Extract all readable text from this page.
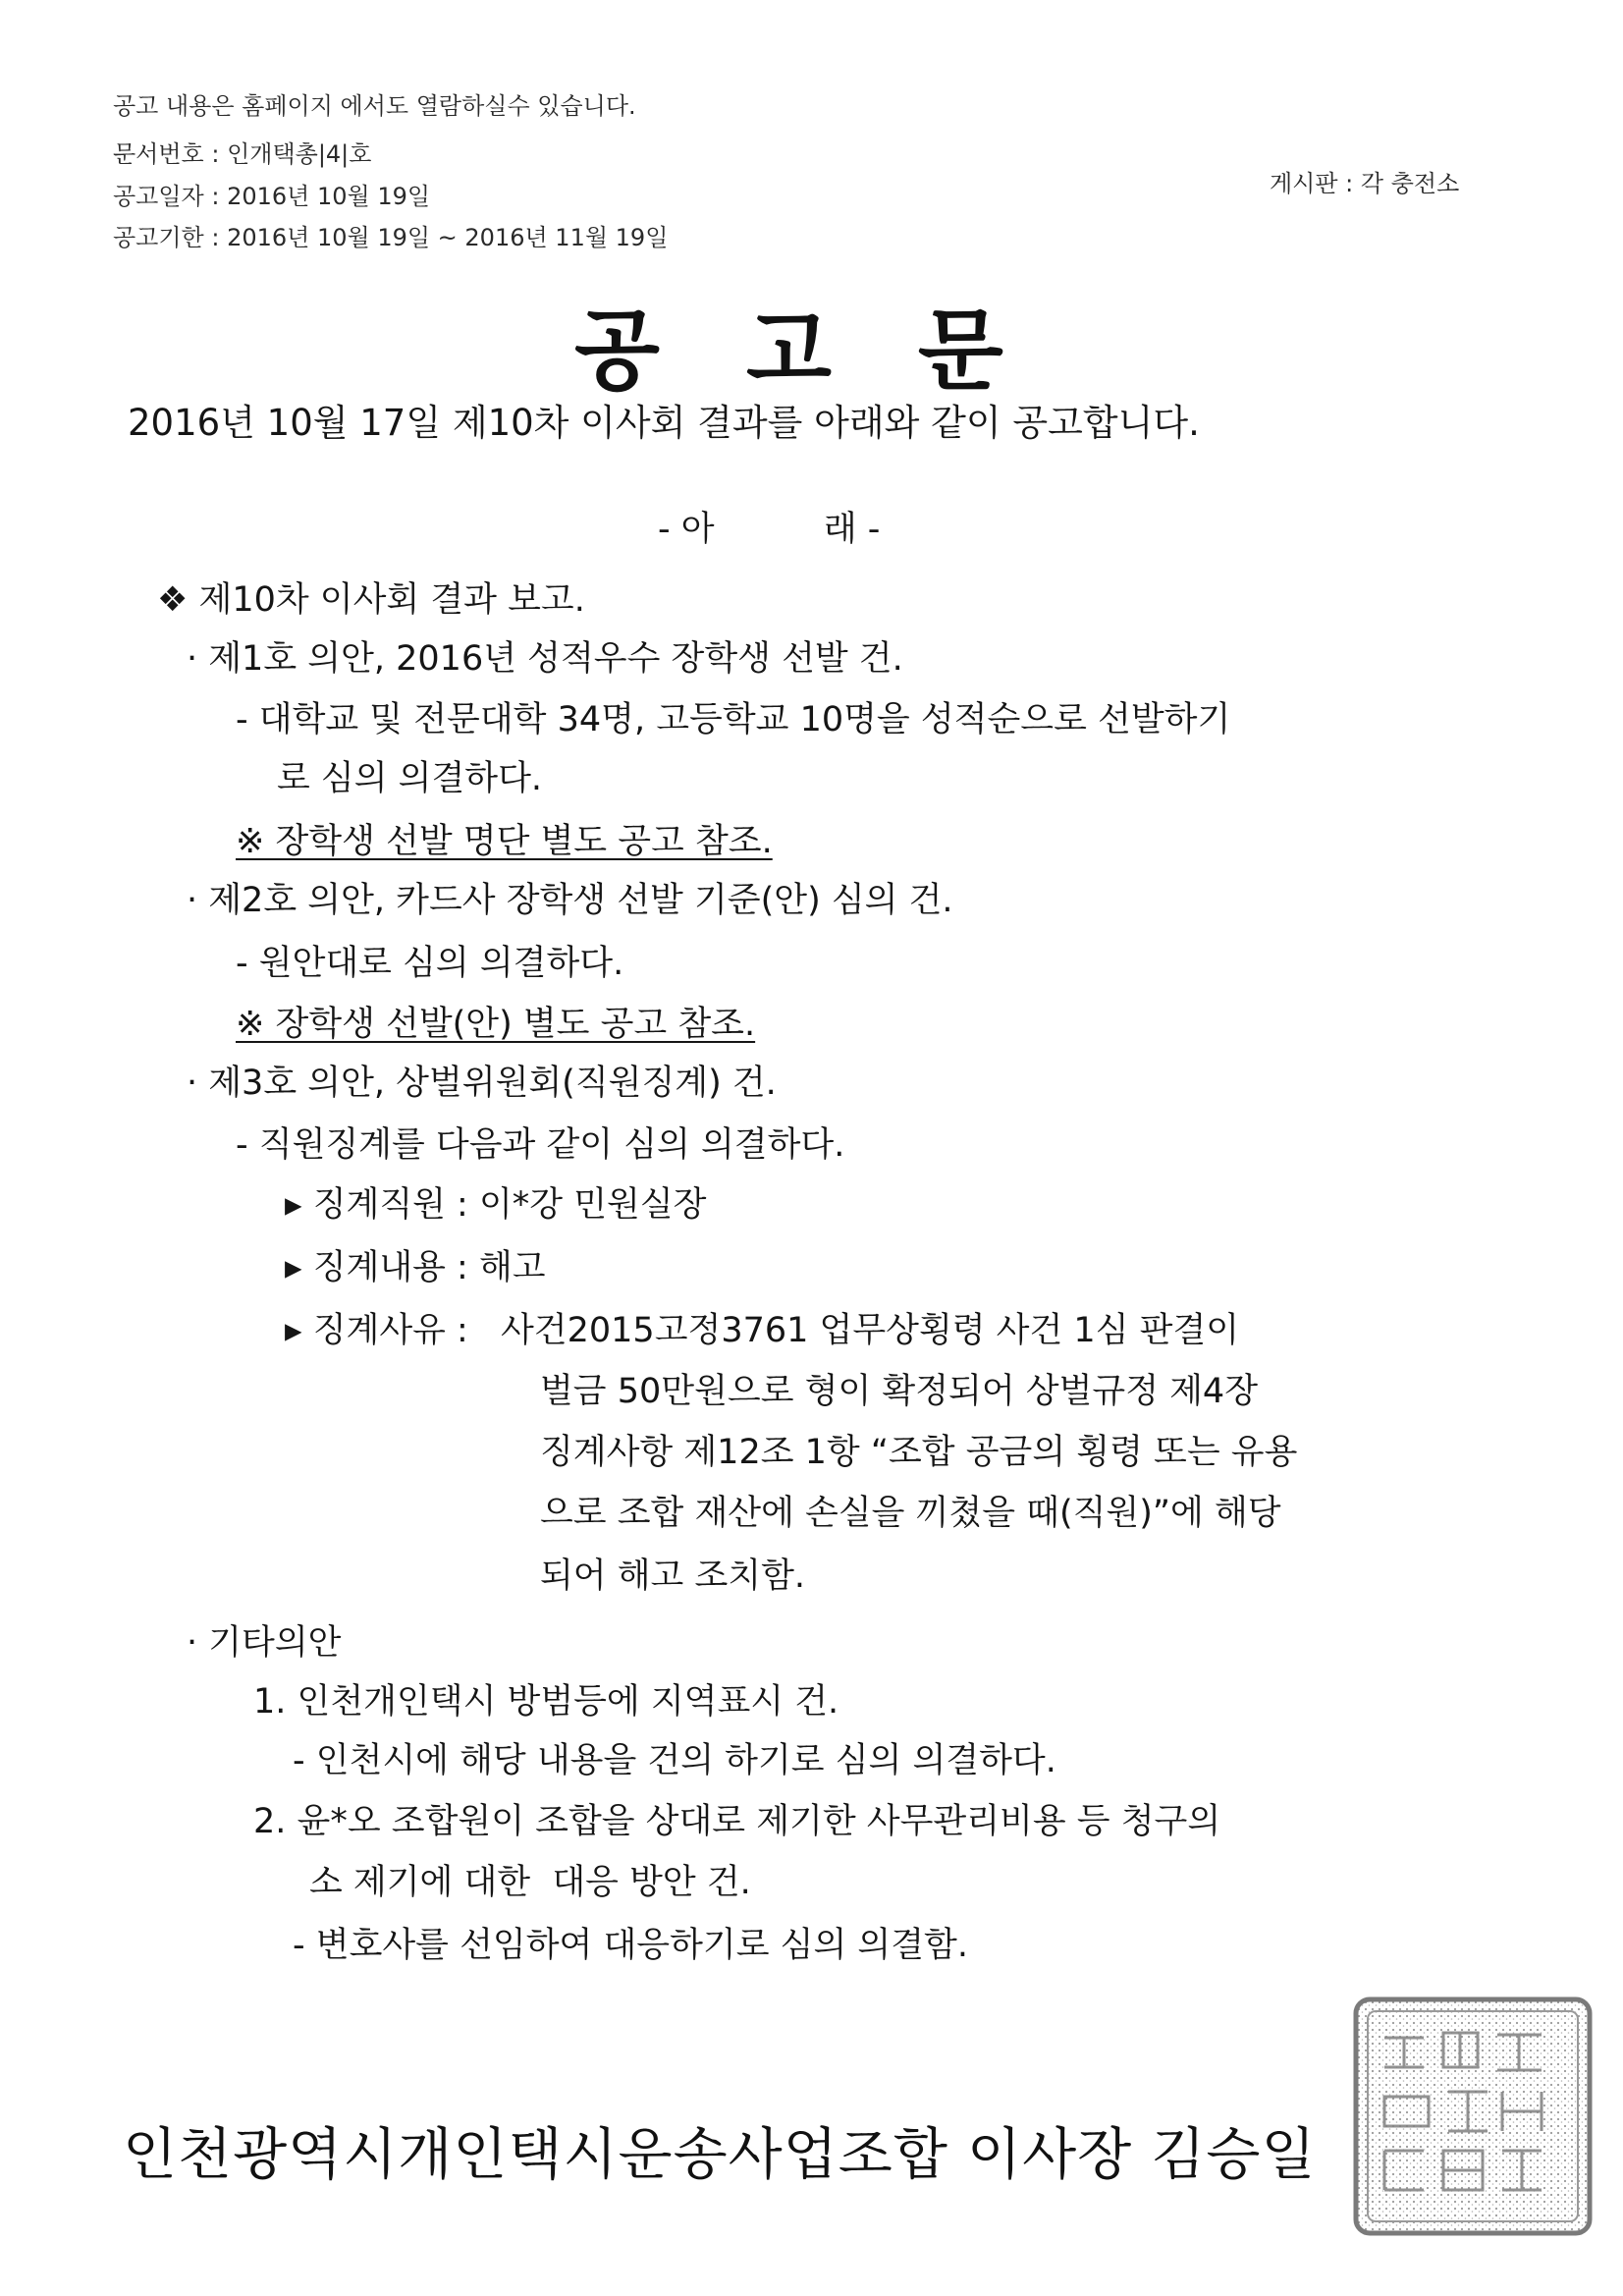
공고 내용은 홈페이지 에서도 열람하실수 있습니다.
문서번호 : 인개택총|4|호
공고일자 : 2016년 10월 19일
공고기한 : 2016년 10월 19일 ~ 2016년 11월 19일
게시판 : 각 충전소
공고문
2016년 10월 17일 제10차 이사회 결과를 아래와 같이 공고합니다.
- 아          래 -
❖ 제10차 이사회 결과 보고.
· 제1호 의안, 2016년 성적우수 장학생 선발 건.
- 대학교 및 전문대학 34명, 고등학교 10명을 성적순으로 선발하기
로 심의 의결하다.
※ 장학생 선발 명단 별도 공고 참조.
· 제2호 의안, 카드사 장학생 선발 기준(안) 심의 건.
- 원안대로 심의 의결하다.
※ 장학생 선발(안) 별도 공고 참조.
· 제3호 의안, 상벌위원회(직원징계) 건.
- 직원징계를 다음과 같이 심의 의결하다.
▸ 징계직원 : 이*강 민원실장
▸ 징계내용 : 해고
▸ 징계사유 : 사건2015고정3761 업무상횡령 사건 1심 판결이
벌금 50만원으로 형이 확정되어 상벌규정 제4장
징계사항 제12조 1항 “조합 공금의 횡령 또는 유용
으로 조합 재산에 손실을 끼쳤을 때(직원)”에 해당
되어 해고 조치함.
· 기타의안
1. 인천개인택시 방범등에 지역표시 건.
- 인천시에 해당 내용을 건의 하기로 심의 의결하다.
2. 윤*오 조합원이 조합을 상대로 제기한 사무관리비용 등 청구의
소 제기에 대한  대응 방안 건.
- 변호사를 선임하여 대응하기로 심의 의결함.
인천광역시개인택시운송사업조합 이사장 김승일
